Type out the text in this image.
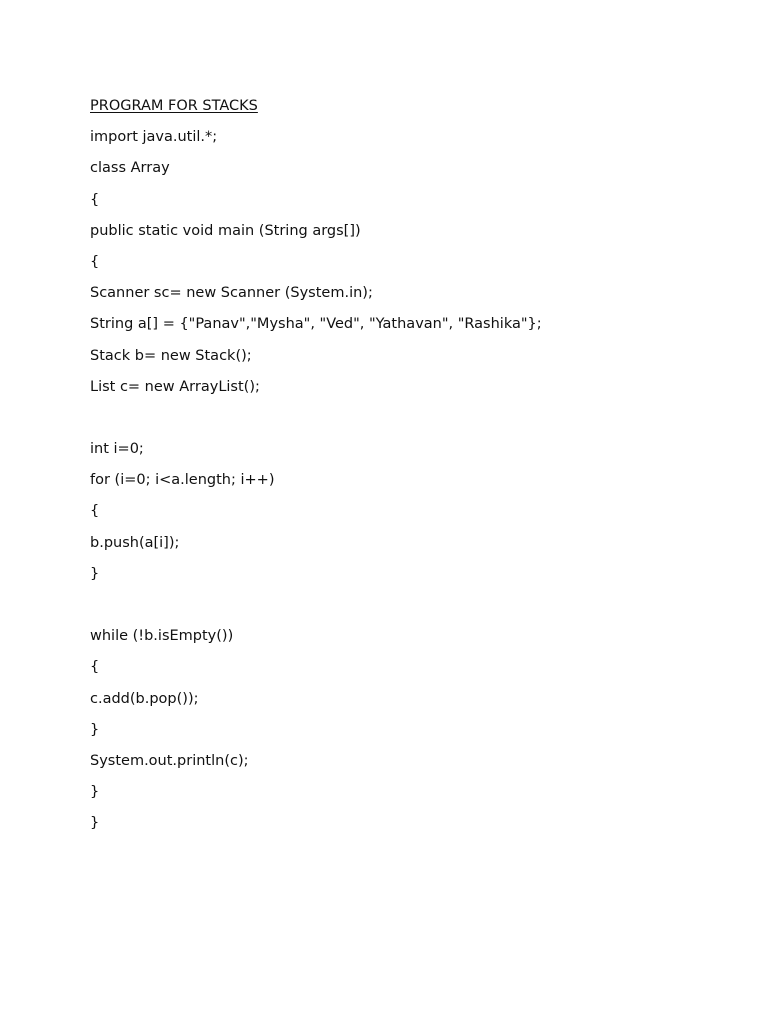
PROGRAM FOR STACKS
import java.util.*;
class Array
{
public static void main (String args[])
{
Scanner sc= new Scanner (System.in);
String a[] = {"Panav","Mysha", "Ved", "Yathavan", "Rashika"};
Stack b= new Stack();
List c= new ArrayList();
int i=0;
for (i=0; i<a.length; i++)
{
b.push(a[i]);
}
while (!b.isEmpty())
{
c.add(b.pop());
}
System.out.println(c);
}
}
